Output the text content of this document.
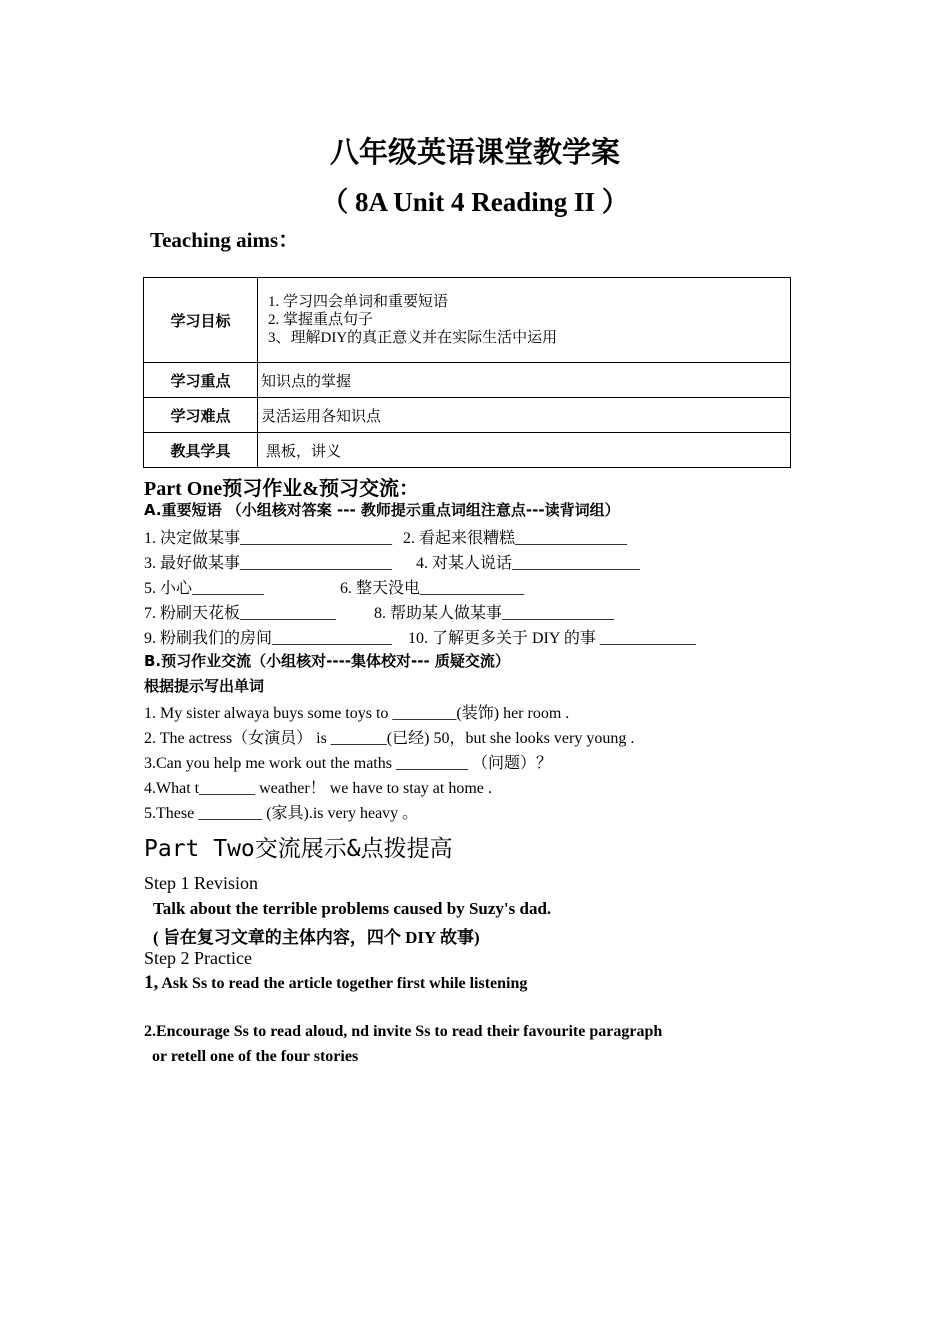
八年级英语课堂教学案
（ 8A Unit 4 Reading II ）
Teaching aims：
学习目标	1. 学习四会单词和重要短语
2. 掌握重点句子
3、理解DIY的真正意义并在实际生活中运用

学习重点	知识点的掌握
学习难点	灵活运用各知识点
教具学具	黑板，讲义
Part One预习作业&预习交流：
A.重要短语 （小组核对答案 --- 教师提示重点词组注意点---读背词组）
1. 决定做某事___________________ 2. 看起来很糟糕______________
3. 最好做某事___________________ 4. 对某人说话________________
5. 小心_________	6. 整天没电_____________
7. 粉刷天花板____________ 8. 帮助某人做某事______________
9. 粉刷我们的房间_______________ 10. 了解更多关于 DIY 的事 ____________
B.预习作业交流（小组核对----集体校对--- 质疑交流）
根据提示写出单词
1. My sister alwaya buys some toys to ________(装饰) her room .
2. The actress（女演员） is _______(已经) 50，but she looks very young .
3.Can you help me work out the maths _________ （问题）？
4.What t_______ weather！ we have to stay at home .
5.These ________ (家具).is very heavy 。
Part Two交流展示&点拨提高
Step 1 Revision
Talk about the terrible problems caused by Suzy's dad.
( 旨在复习文章的主体内容，四个 DIY 故事)
Step 2 Practice
1, Ask Ss to read the article together first while listening
2.Encourage Ss to read aloud, nd invite Ss to read their favourite paragraph
or retell one of the four stories
